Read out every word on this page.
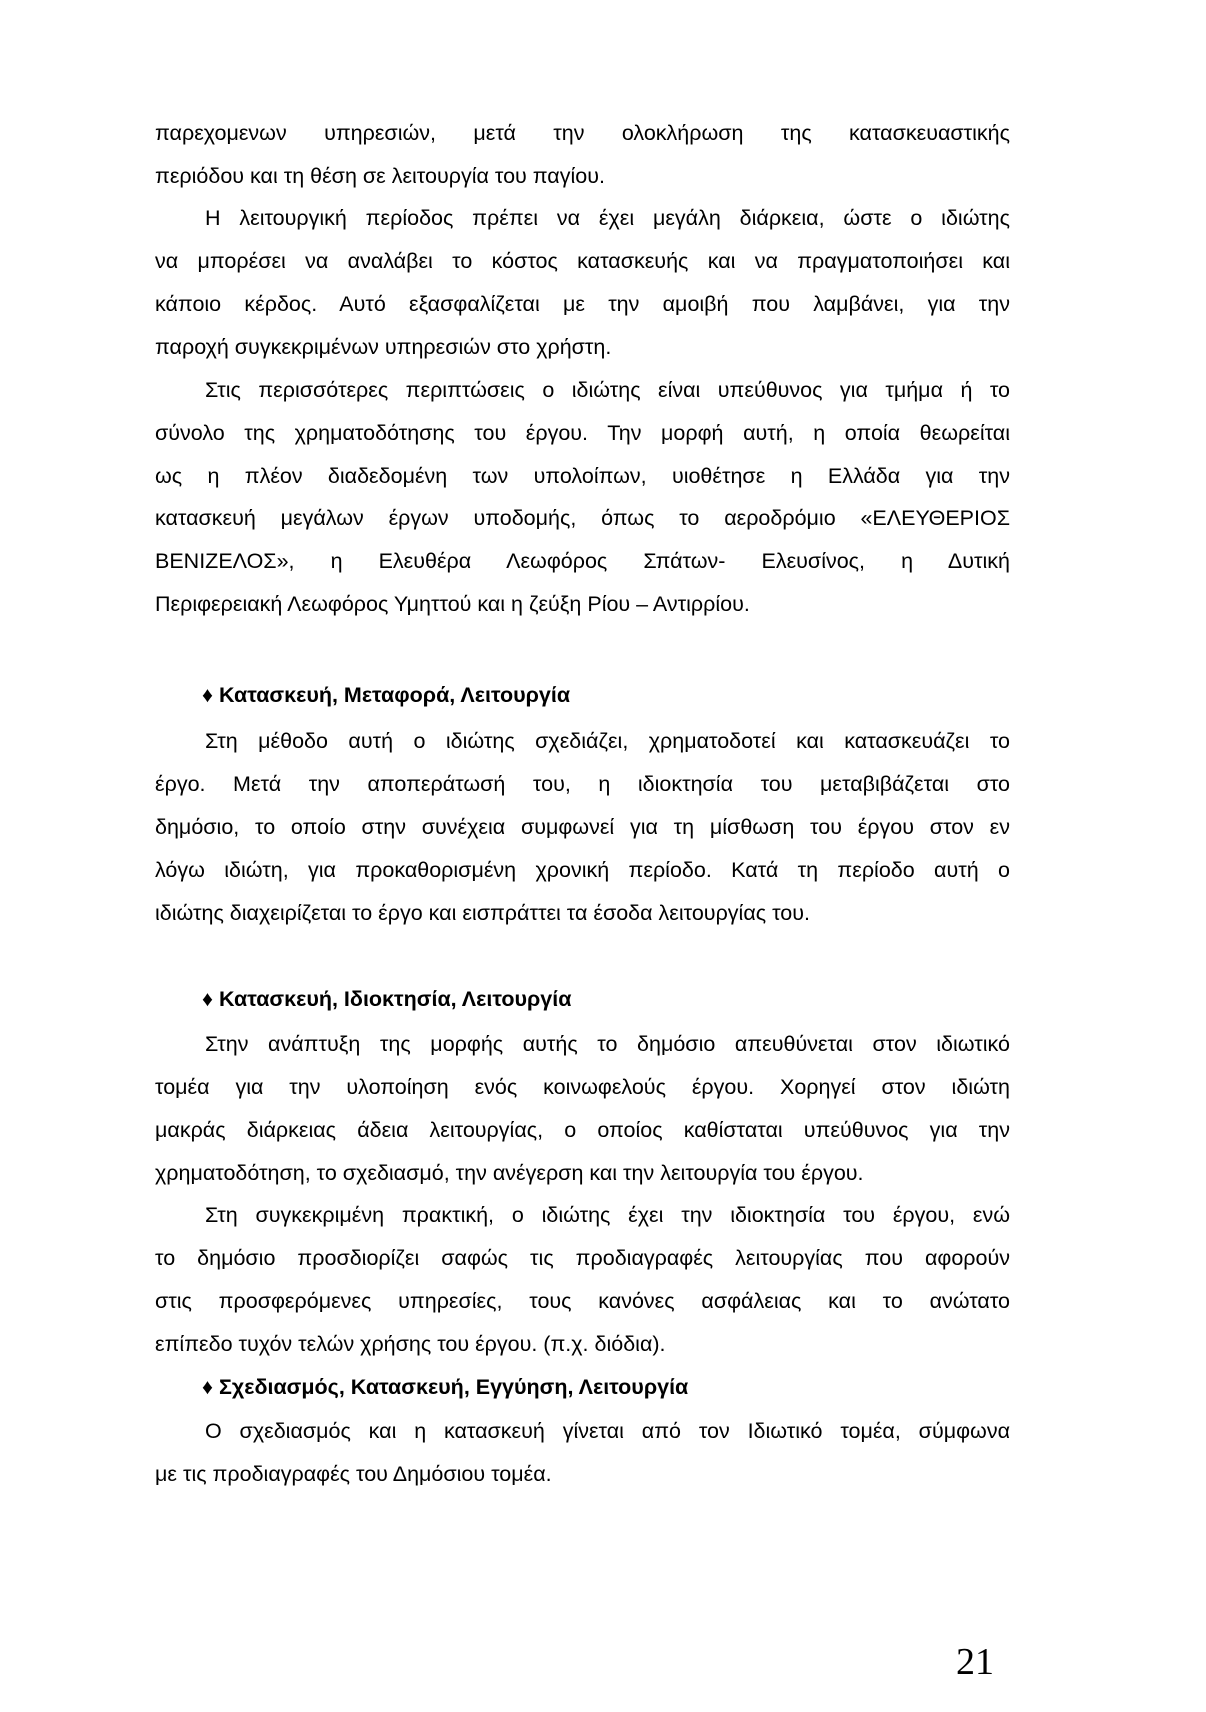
παρεχομενων υπηρεσιών, μετά την ολοκλήρωση της κατασκευαστικής
περιόδου και τη θέση σε λειτουργία του παγίου.
Η λειτουργική περίοδος πρέπει να έχει μεγάλη διάρκεια, ώστε ο ιδιώτης
να μπορέσει να αναλάβει το κόστος κατασκευής και να πραγματοποιήσει και
κάποιο κέρδος. Αυτό εξασφαλίζεται με την αμοιβή που λαμβάνει, για την
παροχή συγκεκριμένων υπηρεσιών στο χρήστη.
Στις περισσότερες περιπτώσεις ο ιδιώτης είναι υπεύθυνος για τμήμα ή το
σύνολο της χρηματοδότησης του έργου. Την μορφή αυτή, η οποία θεωρείται
ως η πλέον διαδεδομένη των υπολοίπων, υιοθέτησε η Ελλάδα για την
κατασκευή μεγάλων έργων υποδομής, όπως το αεροδρόμιο «ΕΛΕΥΘΕΡΙΟΣ
ΒΕΝΙΖΕΛΟΣ», η Ελευθέρα Λεωφόρος Σπάτων- Ελευσίνος, η Δυτική
Περιφερειακή Λεωφόρος Υμηττού και η ζεύξη Ρίου – Αντιρρίου.
♦ Κατασκευή, Μεταφορά, Λειτουργία
Στη μέθοδο αυτή ο ιδιώτης σχεδιάζει, χρηματοδοτεί και κατασκευάζει το
έργο. Μετά την αποπεράτωσή του, η ιδιοκτησία του μεταβιβάζεται στο
δημόσιο, το οποίο στην συνέχεια συμφωνεί για τη μίσθωση του έργου στον εν
λόγω ιδιώτη, για προκαθορισμένη χρονική περίοδο. Κατά τη περίοδο αυτή ο
ιδιώτης διαχειρίζεται το έργο και εισπράττει τα έσοδα λειτουργίας του.
♦ Κατασκευή, Ιδιοκτησία, Λειτουργία
Στην ανάπτυξη της μορφής αυτής το δημόσιο απευθύνεται στον ιδιωτικό
τομέα για την υλοποίηση ενός κοινωφελούς έργου. Χορηγεί στον ιδιώτη
μακράς διάρκειας άδεια λειτουργίας, ο οποίος καθίσταται υπεύθυνος για την
χρηματοδότηση, το σχεδιασμό, την ανέγερση και την λειτουργία του έργου.
Στη συγκεκριμένη πρακτική, ο ιδιώτης έχει την ιδιοκτησία του έργου, ενώ
το δημόσιο προσδιορίζει σαφώς τις προδιαγραφές λειτουργίας που αφορούν
στις προσφερόμενες υπηρεσίες, τους κανόνες ασφάλειας και το ανώτατο
επίπεδο τυχόν τελών χρήσης του έργου. (π.χ. διόδια).
♦ Σχεδιασμός, Κατασκευή, Εγγύηση, Λειτουργία
Ο σχεδιασμός και η κατασκευή γίνεται από τον Ιδιωτικό τομέα, σύμφωνα
με τις προδιαγραφές του Δημόσιου τομέα.
21
